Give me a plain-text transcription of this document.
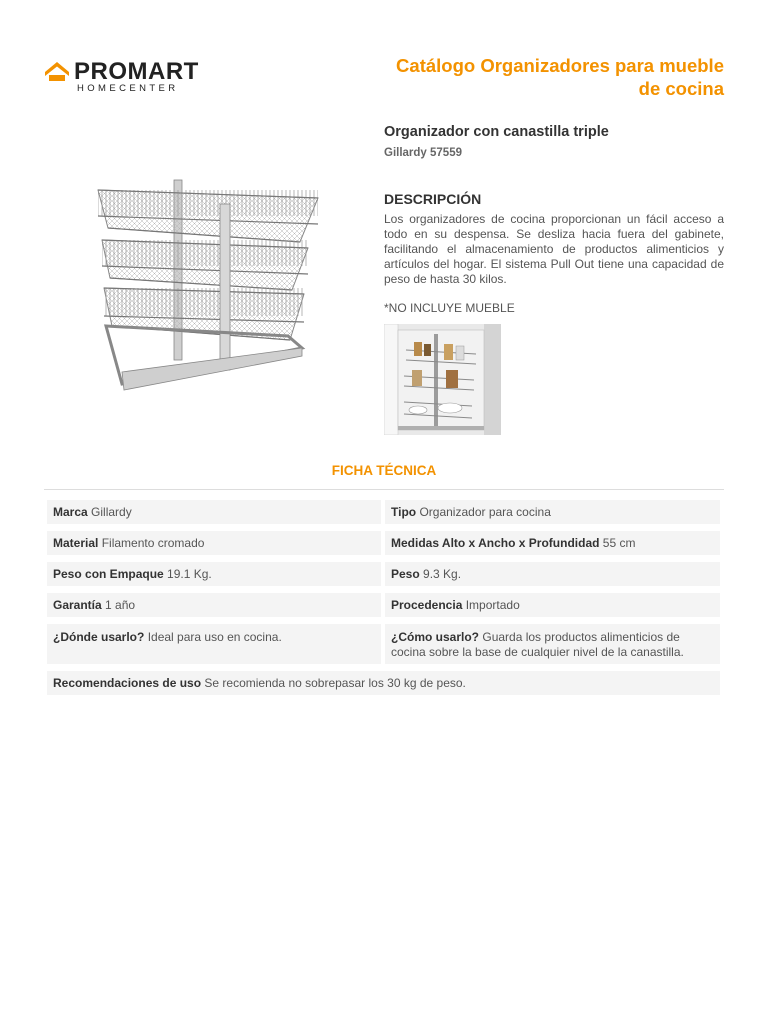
PROMART
HOMECENTER
Catálogo Organizadores para mueble de cocina
Organizador con canastilla triple
Gillardy 57559
DESCRIPCIÓN
Los organizadores de cocina proporcionan un fácil acceso a todo en su despensa. Se desliza hacia fuera del gabinete, facilitando el almacenamiento de productos alimenticios y artículos del hogar. El sistema Pull Out tiene una capacidad de peso de hasta 30 kilos.
*NO INCLUYE MUEBLE
FICHA TÉCNICA
Marca Gillardy	Tipo Organizador para cocina
Material Filamento cromado	Medidas Alto x Ancho x Profundidad 55 cm
Peso con Empaque 19.1 Kg.	Peso 9.3 Kg.
Garantía 1 año	Procedencia Importado
¿Dónde usarlo? Ideal para uso en cocina.	¿Cómo usarlo? Guarda los productos alimenticios de cocina sobre la base de cualquier nivel de la canastilla.
Recomendaciones de uso Se recomienda no sobrepasar los 30 kg de peso.
